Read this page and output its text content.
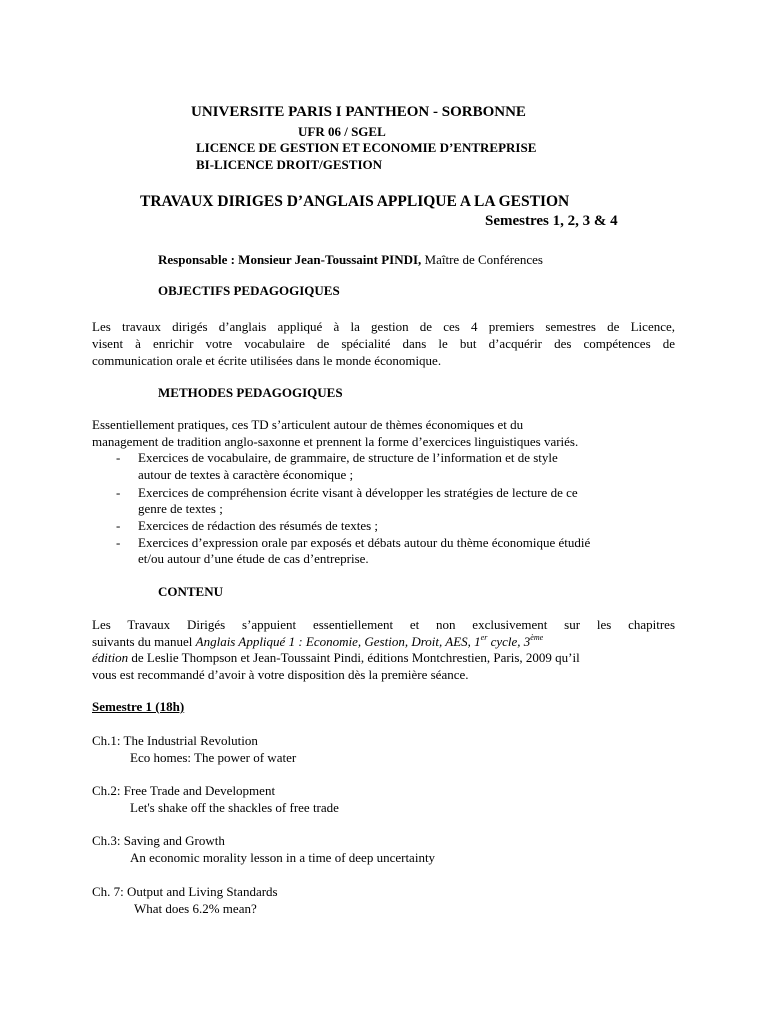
UNIVERSITE PARIS I PANTHEON - SORBONNE
UFR 06 / SGEL
LICENCE DE GESTION ET ECONOMIE D’ENTREPRISE
BI-LICENCE DROIT/GESTION
TRAVAUX DIRIGES D’ANGLAIS APPLIQUE A LA GESTION
Semestres 1, 2, 3 & 4
Responsable : Monsieur Jean-Toussaint PINDI, Maître de Conférences
OBJECTIFS PEDAGOGIQUES
Les travaux dirigés d’anglais appliqué à la gestion de ces 4 premiers semestres de Licence,
visent à enrichir votre vocabulaire de spécialité dans le but d’acquérir des compétences de
communication orale et écrite utilisées dans le monde économique.
METHODES PEDAGOGIQUES
Essentiellement pratiques, ces TD s’articulent autour de thèmes économiques et du
management de tradition anglo-saxonne et prennent la forme d’exercices linguistiques variés.
- Exercices de vocabulaire, de grammaire, de structure de l’information et de style
autour de textes à caractère économique ;
- Exercices de compréhension écrite visant à développer les stratégies de lecture de ce
genre de textes ;
- Exercices de rédaction des résumés de textes ;
- Exercices d’expression orale par exposés et débats autour du thème économique étudié
et/ou autour d’une étude de cas d’entreprise.
CONTENU
Les Travaux Dirigés s’appuient essentiellement et non exclusivement sur les chapitres
suivants du manuel Anglais Appliqué 1 : Economie, Gestion, Droit, AES, 1er cycle, 3ème
édition de Leslie Thompson et Jean-Toussaint Pindi, éditions Montchrestien, Paris, 2009 qu’il
vous est recommandé d’avoir à votre disposition dès la première séance.
Semestre 1 (18h)
Ch.1: The Industrial Revolution
Eco homes: The power of water
Ch.2: Free Trade and Development
Let's shake off the shackles of free trade
Ch.3: Saving and Growth
An economic morality lesson in a time of deep uncertainty
Ch. 7: Output and Living Standards
What does 6.2% mean?
